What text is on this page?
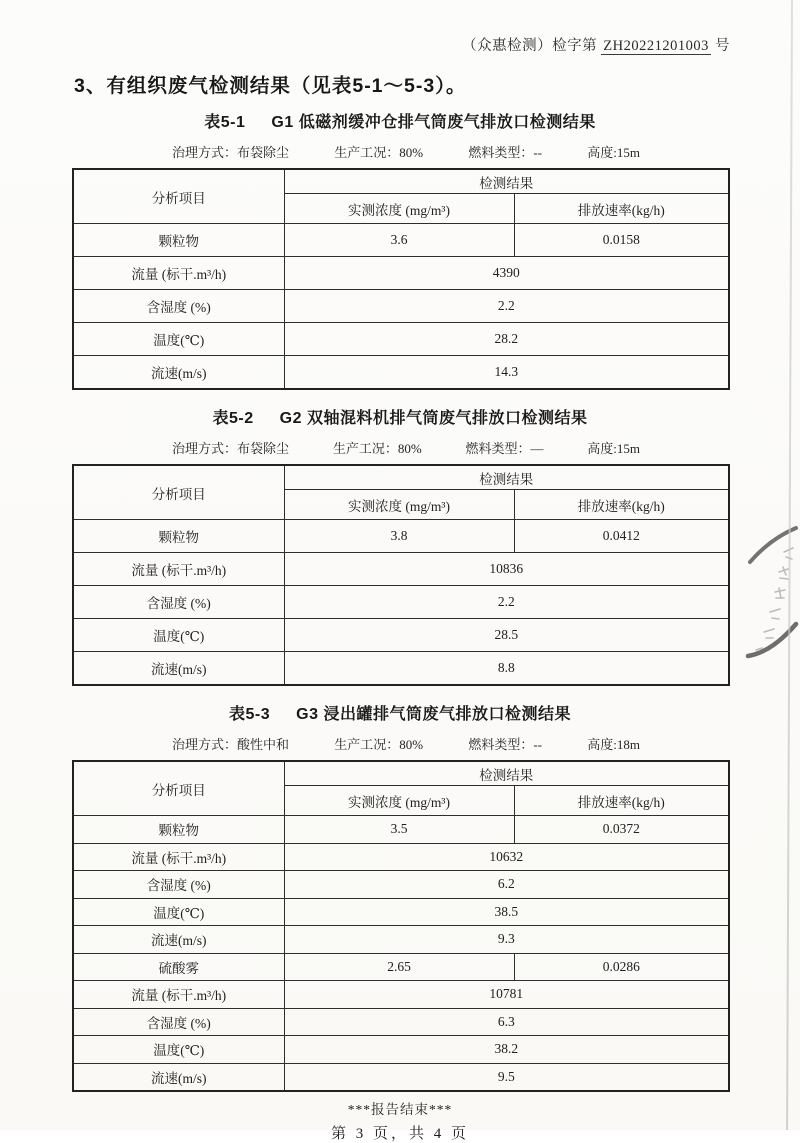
（众惠检测）检字第 ZH20221201003 号
3、有组织废气检测结果（见表5-1～5-3）。
表5-1 G1 低磁剂缓冲仓排气筒废气排放口检测结果
治理方式：布袋除尘	生产工况：80%	燃料类型：--	高度:15m
分析项目	检测结果	
	实测浓度 (mg/m³)	排放速率(kg/h)
颗粒物	3.6	0.0158
流量 (标干.m³/h)	4390	
含湿度 (%)	2.2	
温度(℃)	28.2	
流速(m/s)	14.3	
表5-2 G2 双轴混料机排气筒废气排放口检测结果
治理方式：布袋除尘	生产工况：80%	燃料类型：—	高度:15m
分析项目	检测结果	
	实测浓度 (mg/m³)	排放速率(kg/h)
颗粒物	3.8	0.0412
流量 (标干.m³/h)	10836	
含湿度 (%)	2.2	
温度(℃)	28.5	
流速(m/s)	8.8	
表5-3 G3 浸出罐排气筒废气排放口检测结果
治理方式：酸性中和	生产工况：80%	燃料类型：--	高度:18m
分析项目	检测结果	
	实测浓度 (mg/m³)	排放速率(kg/h)
颗粒物	3.5	0.0372
流量 (标干.m³/h)	10632	
含湿度 (%)	6.2	
温度(℃)	38.5	
流速(m/s)	9.3	
硫酸雾	2.65	0.0286
流量 (标干.m³/h)	10781	
含湿度 (%)	6.3	
温度(℃)	38.2	
流速(m/s)	9.5	
***报告结束***
第 3 页，共 4 页
